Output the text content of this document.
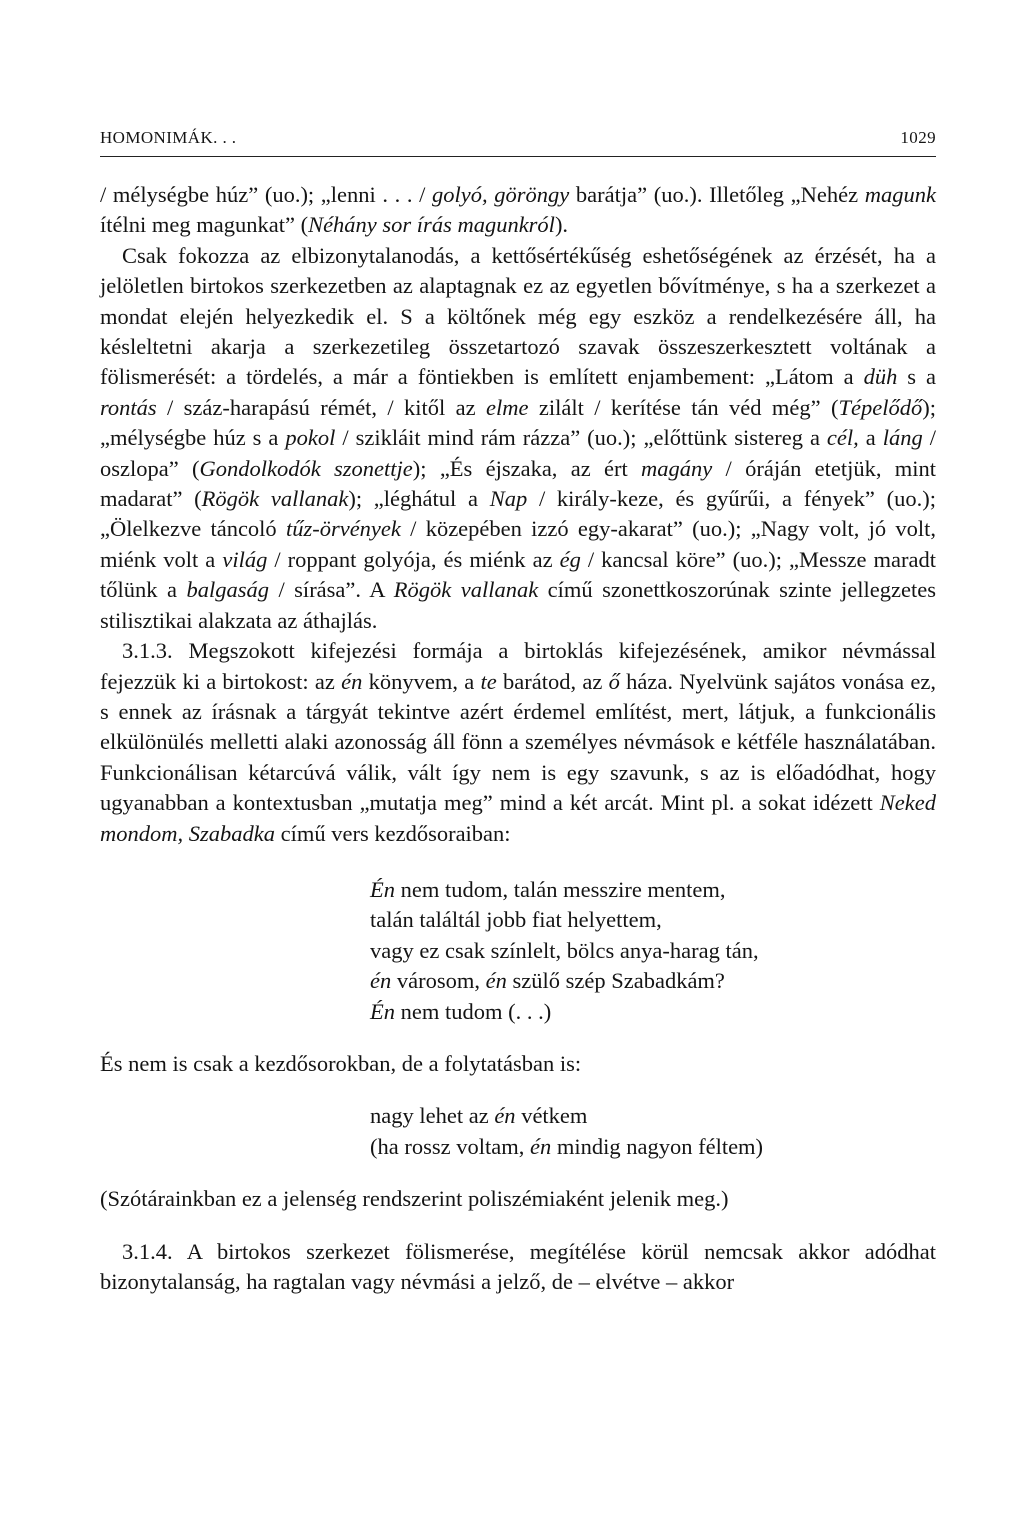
HOMONIMÁK. . .	1029

/ mélységbe húz” (uo.); „lenni . . . / golyó, göröngy barátja” (uo.). Illetőleg „Nehéz magunk ítélni meg magunkat” (Néhány sor írás magunkról).

Csak fokozza az elbizonytalanodás, a kettősértékűség eshetőségének az érzését, ha a jelöletlen birtokos szerkezetben az alaptagnak ez az egyetlen bővítménye, s ha a szerkezet a mondat elején helyezkedik el. S a költőnek még egy eszköz a rendelkezésére áll, ha késleltetni akarja a szerkezetileg összetartozó szavak összeszerkesztett voltának a fölismerését: a tördelés, a már a föntiekben is említett enjambement: „Látom a düh s a rontás / száz-harapású rémét, / kitől az elme zilált / kerítése tán véd még” (Tépelődő); „mélységbe húz s a pokol / szikláit mind rám rázza” (uo.); „előttünk sistereg a cél, a láng / oszlopa” (Gondolkodók szonettje); „És éjszaka, az ért magány / óráján etetjük, mint madarat” (Rögök vallanak); „léghátul a Nap / király-keze, és gyűrűi, a fények” (uo.); „Ölelkezve táncoló tűz-örvények / közepében izzó egy-akarat” (uo.); „Nagy volt, jó volt, miénk volt a világ / roppant golyója, és miénk az ég / kancsal köre” (uo.); „Messze maradt tőlünk a balgaság / sírása”. A Rögök vallanak című szonettkoszorúnak szinte jellegzetes stilisztikai alakzata az áthajlás.

3.1.3. Megszokott kifejezési formája a birtoklás kifejezésének, amikor névmással fejezzük ki a birtokost: az én könyvem, a te barátod, az ő háza. Nyelvünk sajátos vonása ez, s ennek az írásnak a tárgyát tekintve azért érdemel említést, mert, látjuk, a funkcionális elkülönülés melletti alaki azonosság áll fönn a személyes névmások e kétféle használatában. Funkcionálisan kétarcúvá válik, vált így nem is egy szavunk, s az is előadódhat, hogy ugyanabban a kontextusban „mutatja meg” mind a két arcát. Mint pl. a sokat idézett Neked mondom, Szabadka című vers kezdősoraiban:

Én nem tudom, talán messzire mentem,
talán találtál jobb fiat helyettem,
vagy ez csak színlelt, bölcs anya-harag tán,
én városom, én szülő szép Szabadkám?
Én nem tudom (. . .)

És nem is csak a kezdősorokban, de a folytatásban is:

nagy lehet az én vétkem
(ha rossz voltam, én mindig nagyon féltem)

(Szótárainkban ez a jelenség rendszerint poliszémiaként jelenik meg.)

3.1.4. A birtokos szerkezet fölismerése, megítélése körül nemcsak akkor adódhat bizonytalanság, ha ragtalan vagy névmási a jelző, de – elvétve – akkor
